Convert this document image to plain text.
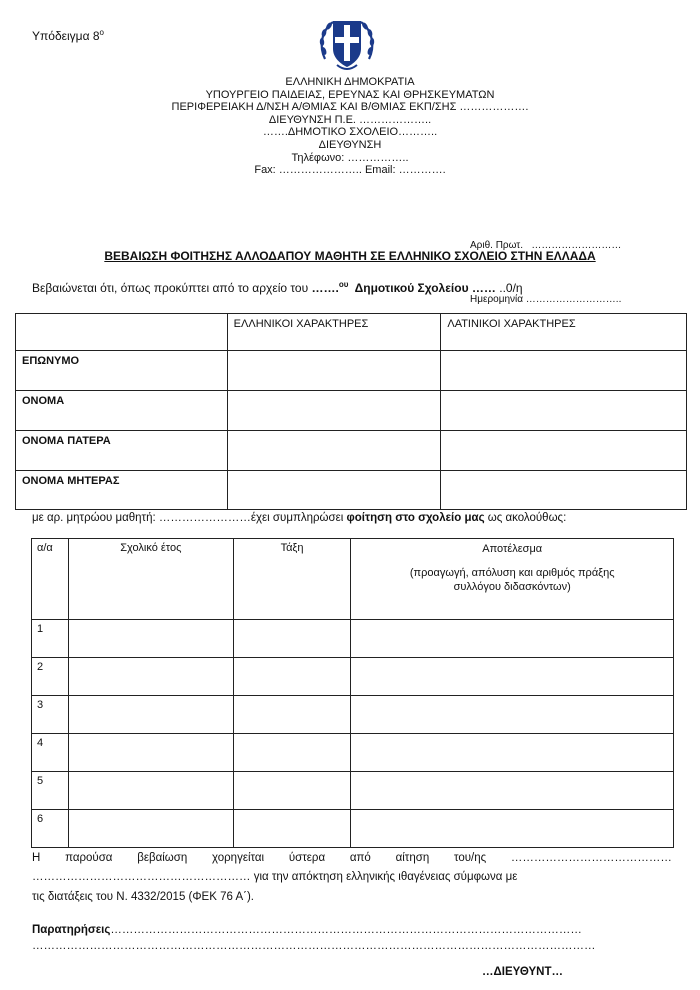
Υπόδειγμα $8^o$
ΕΛΛΗΝΙΚΗ ΔΗΜΟΚΡΑΤΙΑ
ΥΠΟΥΡΓΕΙΟ ΠΑΙΔΕΙΑΣ, ΕΡΕΥΝΑΣ ΚΑΙ ΘΡΗΣΚΕΥΜΑΤΩΝ
ΠΕΡΙΦΕΡΕΙΑΚΗ Δ/ΝΣΗ Α/ΘΜΙΑΣ ΚΑΙ Β/ΘΜΙΑΣ ΕΚΠ/ΣΗΣ ……………….
ΔΙΕΥΘΥΝΣΗ Π.Ε. ………………..
…….ΔΗΜΟΤΙΚΟ ΣΧΟΛΕΙΟ………..
ΔΙΕΥΘΥΝΣΗ
Τηλέφωνο: ……………..
Fax: ………………….. Email: ………….

Αριθ. Πρωτ.   ………………………

Ημερομηνία ………………………..

ΒΕΒΑΙΩΣΗ ΦΟΙΤΗΣΗΣ ΑΛΛΟΔΑΠΟΥ ΜΑΘΗΤΗ ΣΕ ΕΛΛΗΝΙΚΟ ΣΧΟΛΕΙΟ ΣΤΗΝ ΕΛΛΑΔΑ
Βεβαιώνεται ότι, όπως προκύπτει από το αρχείο του …….$^{o\upsilon}$  Δημοτικού Σχολείου …… ..0/η
	ΕΛΛΗΝΙΚΟΙ ΧΑΡΑΚΤΗΡΕΣ	ΛΑΤΙΝΙΚΟΙ ΧΑΡΑΚΤΗΡΕΣ
ΕΠΩΝΥΜΟ		
ΟΝΟΜΑ		
ΟΝΟΜΑ ΠΑΤΕΡΑ		
ΟΝΟΜΑ ΜΗΤΕΡΑΣ		
με αρ. μητρώου μαθητή: ……………………έχει συμπληρώσει φοίτηση στο σχολείο μας ως ακολούθως:
α/α	Σχολικό έτος	Τάξη	Αποτέλεσμα
(προαγωγή, απόλυση και αριθμός πράξης συλλόγου διδασκόντων)

1			
2			
3			
4			
5			
6			
Η παρούσα βεβαίωση χορηγείται ύστερα από αίτηση του/ης ……………………………………
………………………………………………… για την απόκτηση ελληνικής ιθαγένειας σύμφωνα με
τις διατάξεις του Ν. 4332/2015 (ΦΕΚ 76 Α΄).
Παρατηρήσεις……………………………………………………………………………………………………………
…………………………………………………………………………………………………………………………………
…ΔΙΕΥΘΥΝΤ…
